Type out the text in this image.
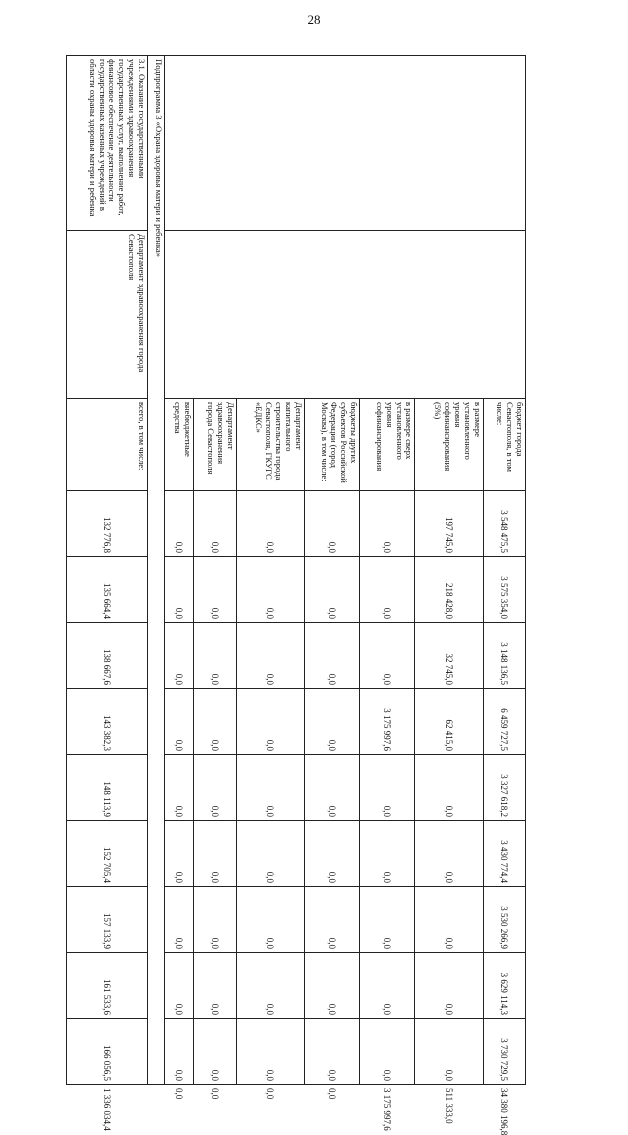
28
		бюджет города Севастополя, в том числе:	3 548 475,5	3 575 354,0	3 148 136,5	6 459 727,5	3 327 618,2	3 430 774,4	3 530 266,9	3 629 114,3	3 730 729,5	34 380 196,8
		в размере установленного уровня софинансирования (5%)	197 745,0	218 428,0	32 745,0	62 415,0	0,0	0,0	0,0	0,0	0,0	511 333,0
		в размере сверх установленного уровня софинансирования	0,0	0,0	0,0	3 175 997,6	0,0	0,0	0,0	0,0	0,0	3 175 997,6
		бюджеты других субъектов Российской Федерации (город Москва), в том числе:	0,0	0,0	0,0	0,0	0,0	0,0	0,0	0,0	0,0	0,0
		Департамент капитального строительства города Севастополя, ГКУГС «ЕДКС»	0,0	0,0	0,0	0,0	0,0	0,0	0,0	0,0	0,0	0,0
		Департамент здравоохранения города Севастополя	0,0	0,0	0,0	0,0	0,0	0,0	0,0	0,0	0,0	0,0
		внебюджетные средства	0,0	0,0	0,0	0,0	0,0	0,0	0,0	0,0	0,0	0,0
Подпрограмма 3 «Охрана здоровья матери и ребенка»												
3.1. Оказание государственными учреждениями здравоохранения государственных услуг, выполнение работ, финансовое обеспечение деятельности государственных казенных учреждений в области охраны здоровья матери и ребенка	Департамент здравоохранения города Севастополя	всего, в том числе:	132 776,8	135 664,4	138 667,6	143 382,3	148 113,9	152 705,4	157 133,9	161 533,6	166 056,5	1 336 034,4
